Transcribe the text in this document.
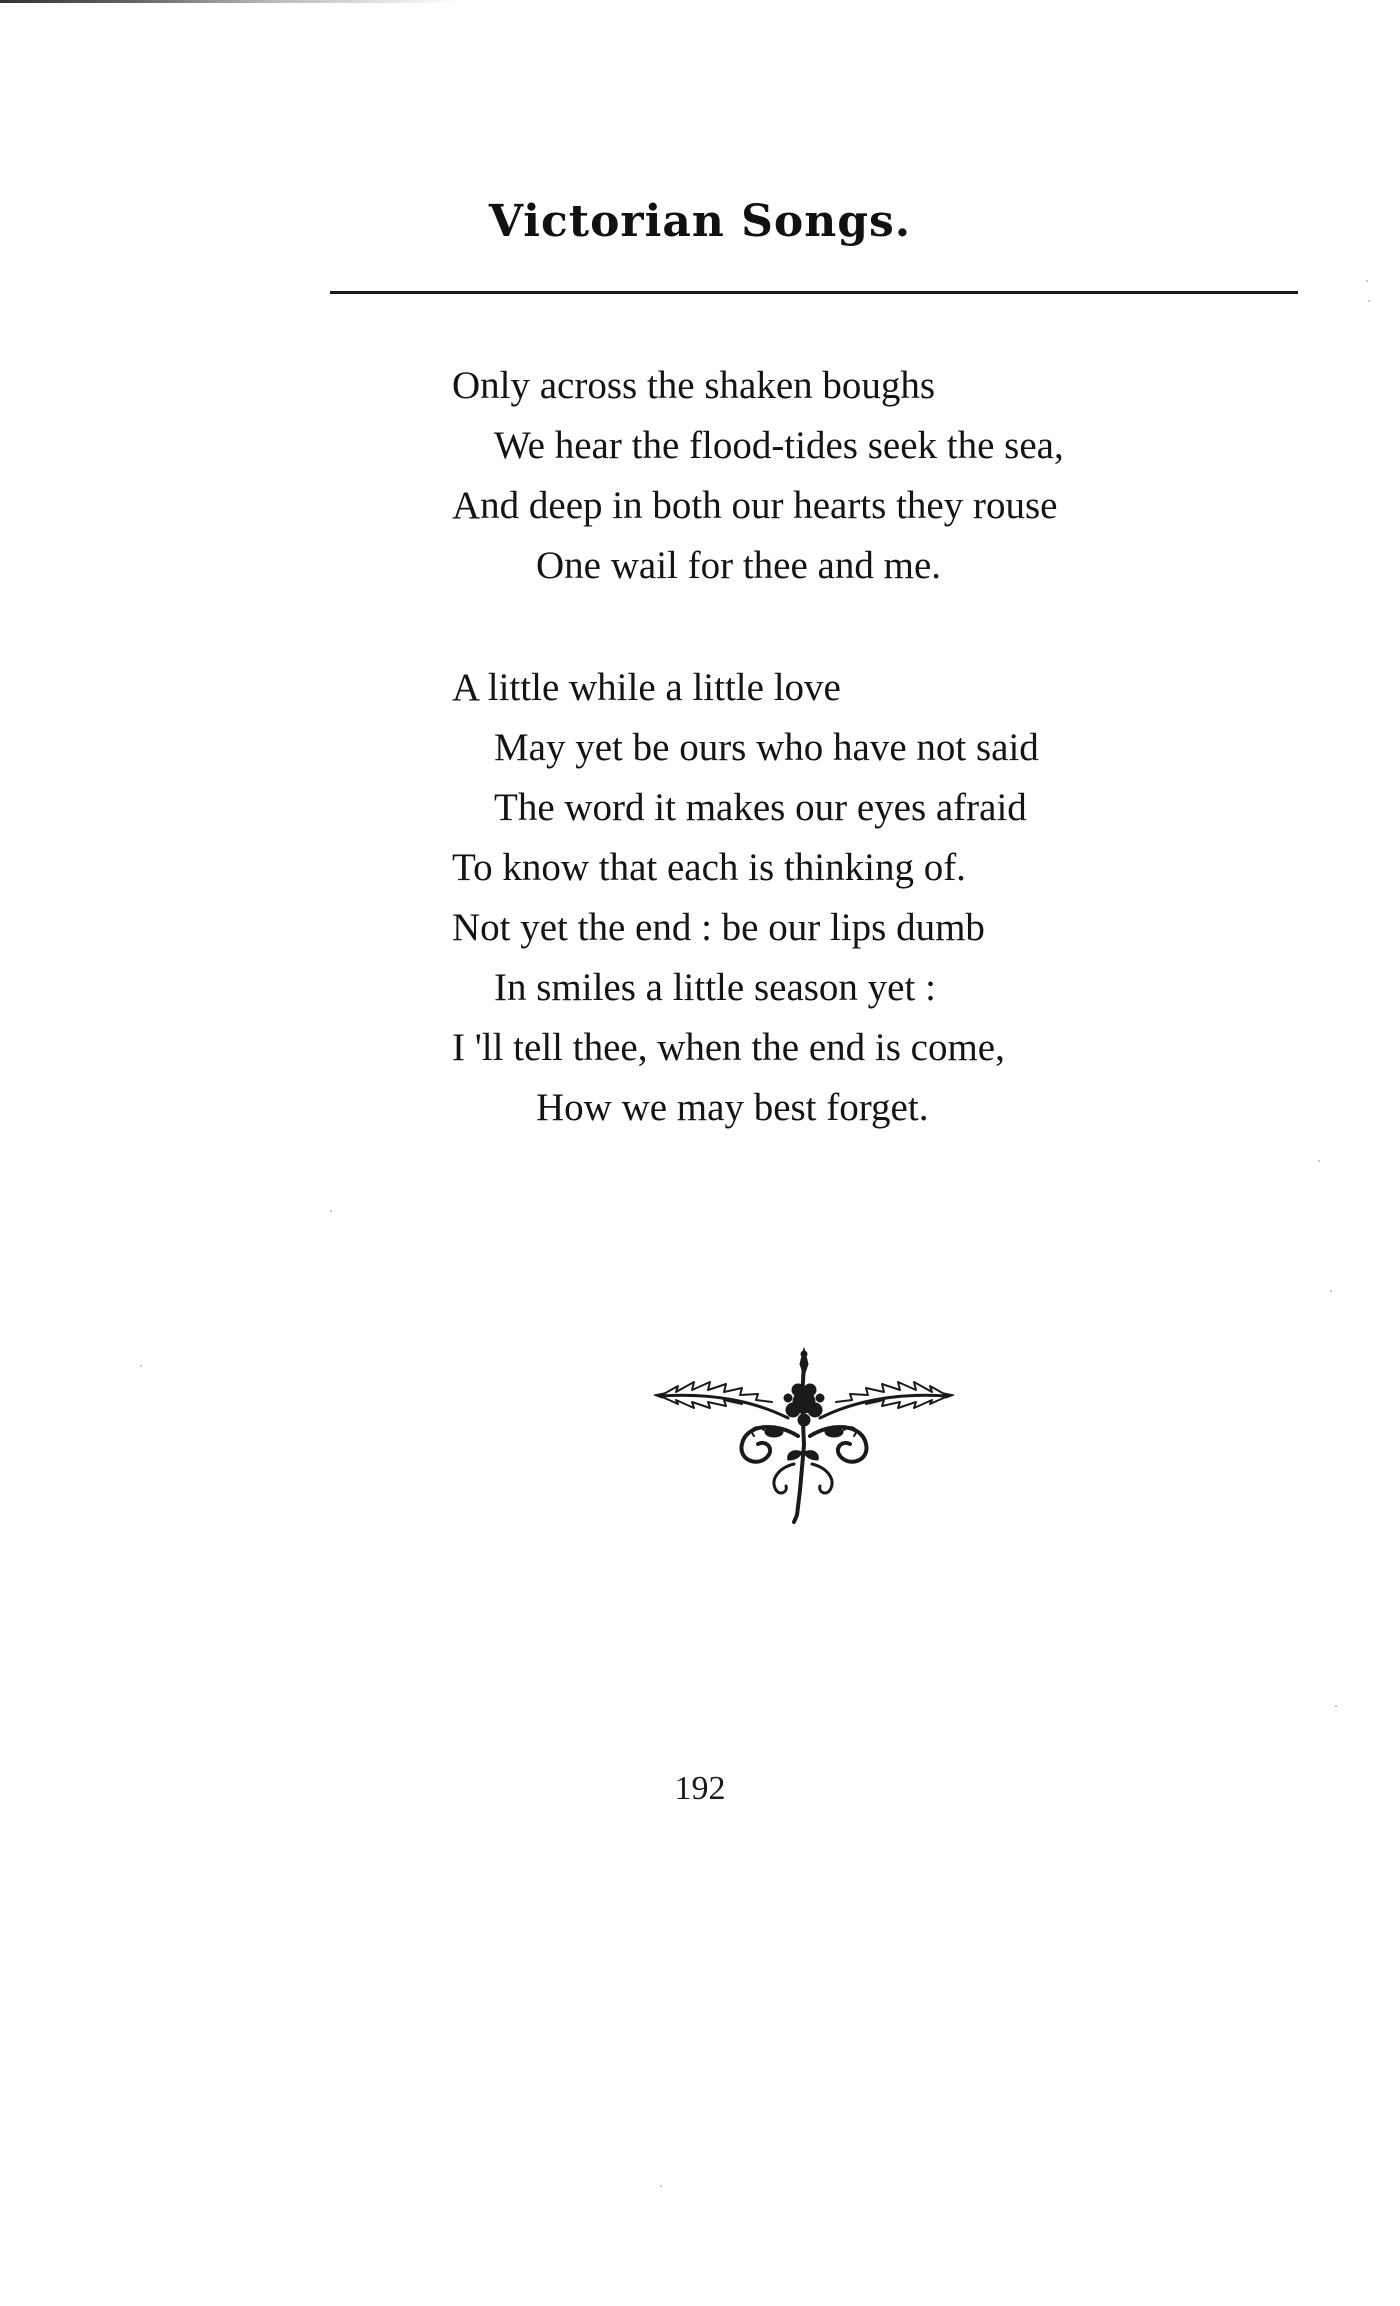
Victorian Songs.
Only across the shaken boughs
We hear the flood-tides seek the sea,
And deep in both our hearts they rouse
One wail for thee and me.
A little while a little love
May yet be ours who have not said
The word it makes our eyes afraid
To know that each is thinking of.
Not yet the end : be our lips dumb
In smiles a little season yet :
I 'll tell thee, when the end is come,
How we may best forget.
192
